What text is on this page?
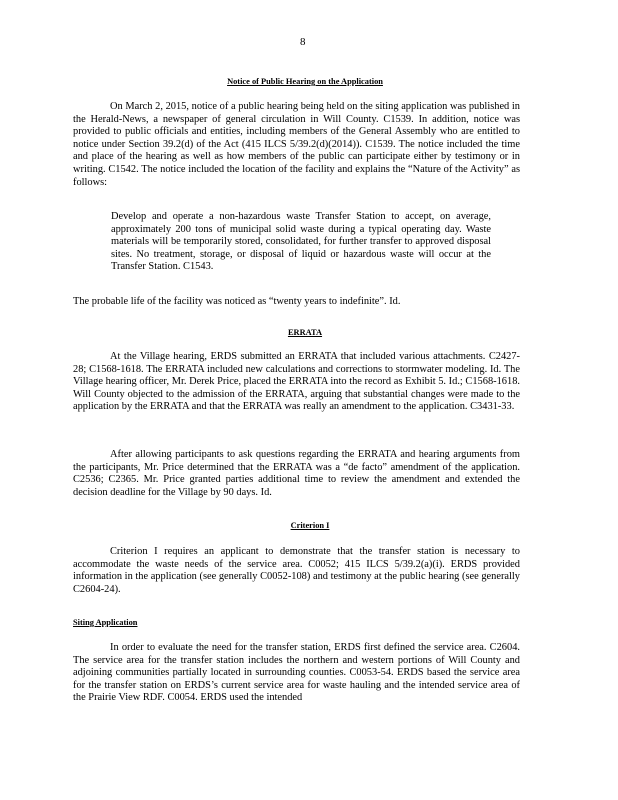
8
Notice of Public Hearing on the Application

On March 2, 2015, notice of a public hearing being held on the siting application was published in the Herald-News, a newspaper of general circulation in Will County. C1539. In addition, notice was provided to public officials and entities, including members of the General Assembly who are entitled to notice under Section 39.2(d) of the Act (415 ILCS 5/39.2(d)(2014)). C1539. The notice included the time and place of the hearing as well as how members of the public can participate either by testimony or in writing. C1542. The notice included the location of the facility and explains the “Nature of the Activity” as follows:

Develop and operate a non-hazardous waste Transfer Station to accept, on average, approximately 200 tons of municipal solid waste during a typical operating day. Waste materials will be temporarily stored, consolidated, for further transfer to approved disposal sites. No treatment, storage, or disposal of liquid or hazardous waste will occur at the Transfer Station. C1543.

The probable life of the facility was noticed as “twenty years to indefinite”. Id.

ERRATA

At the Village hearing, ERDS submitted an ERRATA that included various attachments. C2427-28; C1568-1618. The ERRATA included new calculations and corrections to stormwater modeling. Id. The Village hearing officer, Mr. Derek Price, placed the ERRATA into the record as Exhibit 5. Id.; C1568-1618. Will County objected to the admission of the ERRATA, arguing that substantial changes were made to the application by the ERRATA and that the ERRATA was really an amendment to the application. C3431-33.

After allowing participants to ask questions regarding the ERRATA and hearing arguments from the participants, Mr. Price determined that the ERRATA was a “de facto” amendment of the application. C2536; C2365. Mr. Price granted parties additional time to review the amendment and extended the decision deadline for the Village by 90 days. Id.

Criterion I

Criterion I requires an applicant to demonstrate that the transfer station is necessary to accommodate the waste needs of the service area. C0052; 415 ILCS 5/39.2(a)(i). ERDS provided information in the application (see generally C0052-108) and testimony at the public hearing (see generally C2604-24).

Siting Application

In order to evaluate the need for the transfer station, ERDS first defined the service area. C2604. The service area for the transfer station includes the northern and western portions of Will County and adjoining communities partially located in surrounding counties. C0053-54. ERDS based the service area for the transfer station on ERDS’s current service area for waste hauling and the intended service area of the Prairie View RDF. C0054. ERDS used the intended
